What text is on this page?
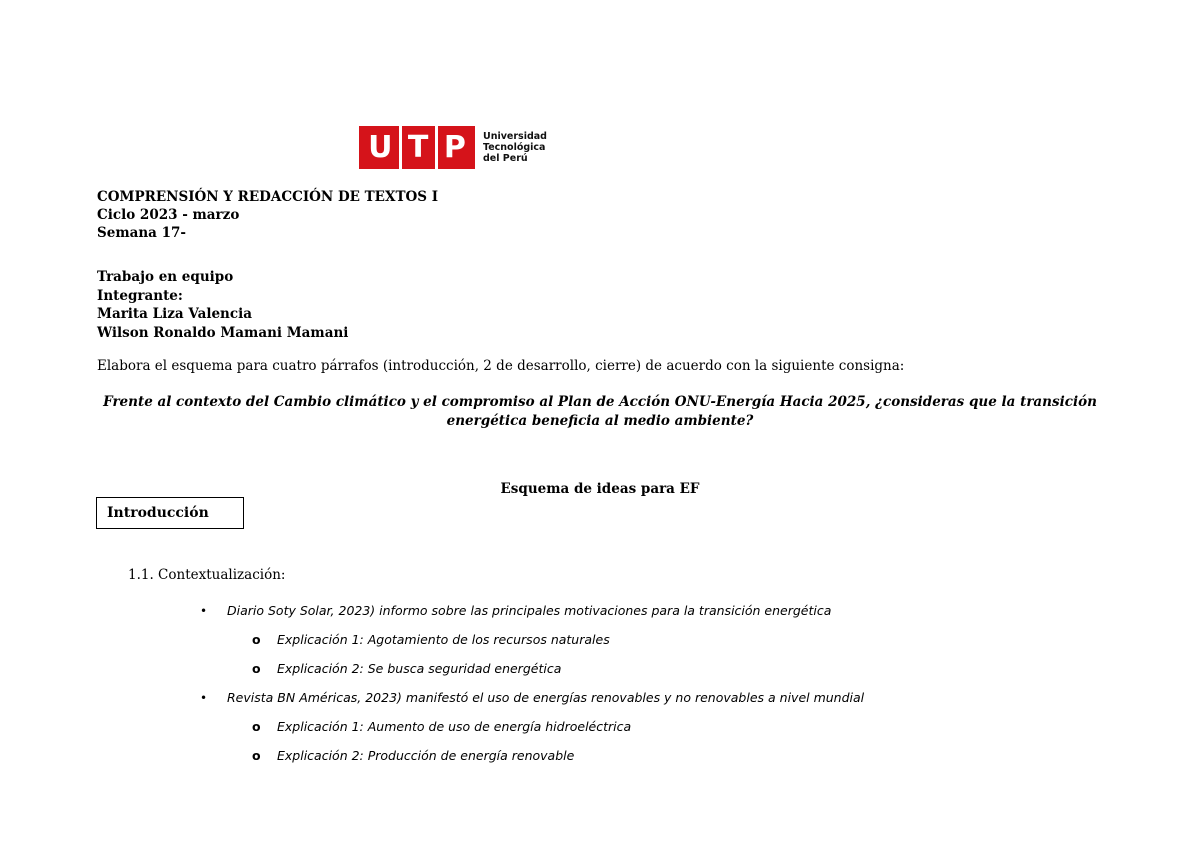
U T P Universidad
Tecnológica
del Perú
COMPRENSIÓN Y REDACCIÓN DE TEXTOS I
Ciclo 2023 - marzo
Semana 17-
Trabajo en equipo
Integrante:
Marita Liza Valencia
Wilson Ronaldo Mamani Mamani
Elabora el esquema para cuatro párrafos (introducción, 2 de desarrollo, cierre) de acuerdo con la siguiente consigna:
Frente al contexto del Cambio climático y el compromiso al Plan de Acción ONU-Energía Hacia 2025, ¿consideras que la transición energética beneficia al medio ambiente?
Esquema de ideas para EF
Introducción
1.1. Contextualización:
• Diario Soty Solar, 2023) informo sobre las principales motivaciones para la transición energética
o Explicación 1: Agotamiento de los recursos naturales
o Explicación 2: Se busca seguridad energética
• Revista BN Américas, 2023) manifestó el uso de energías renovables y no renovables a nivel mundial
o Explicación 1: Aumento de uso de energía hidroeléctrica
o Explicación 2: Producción de energía renovable
